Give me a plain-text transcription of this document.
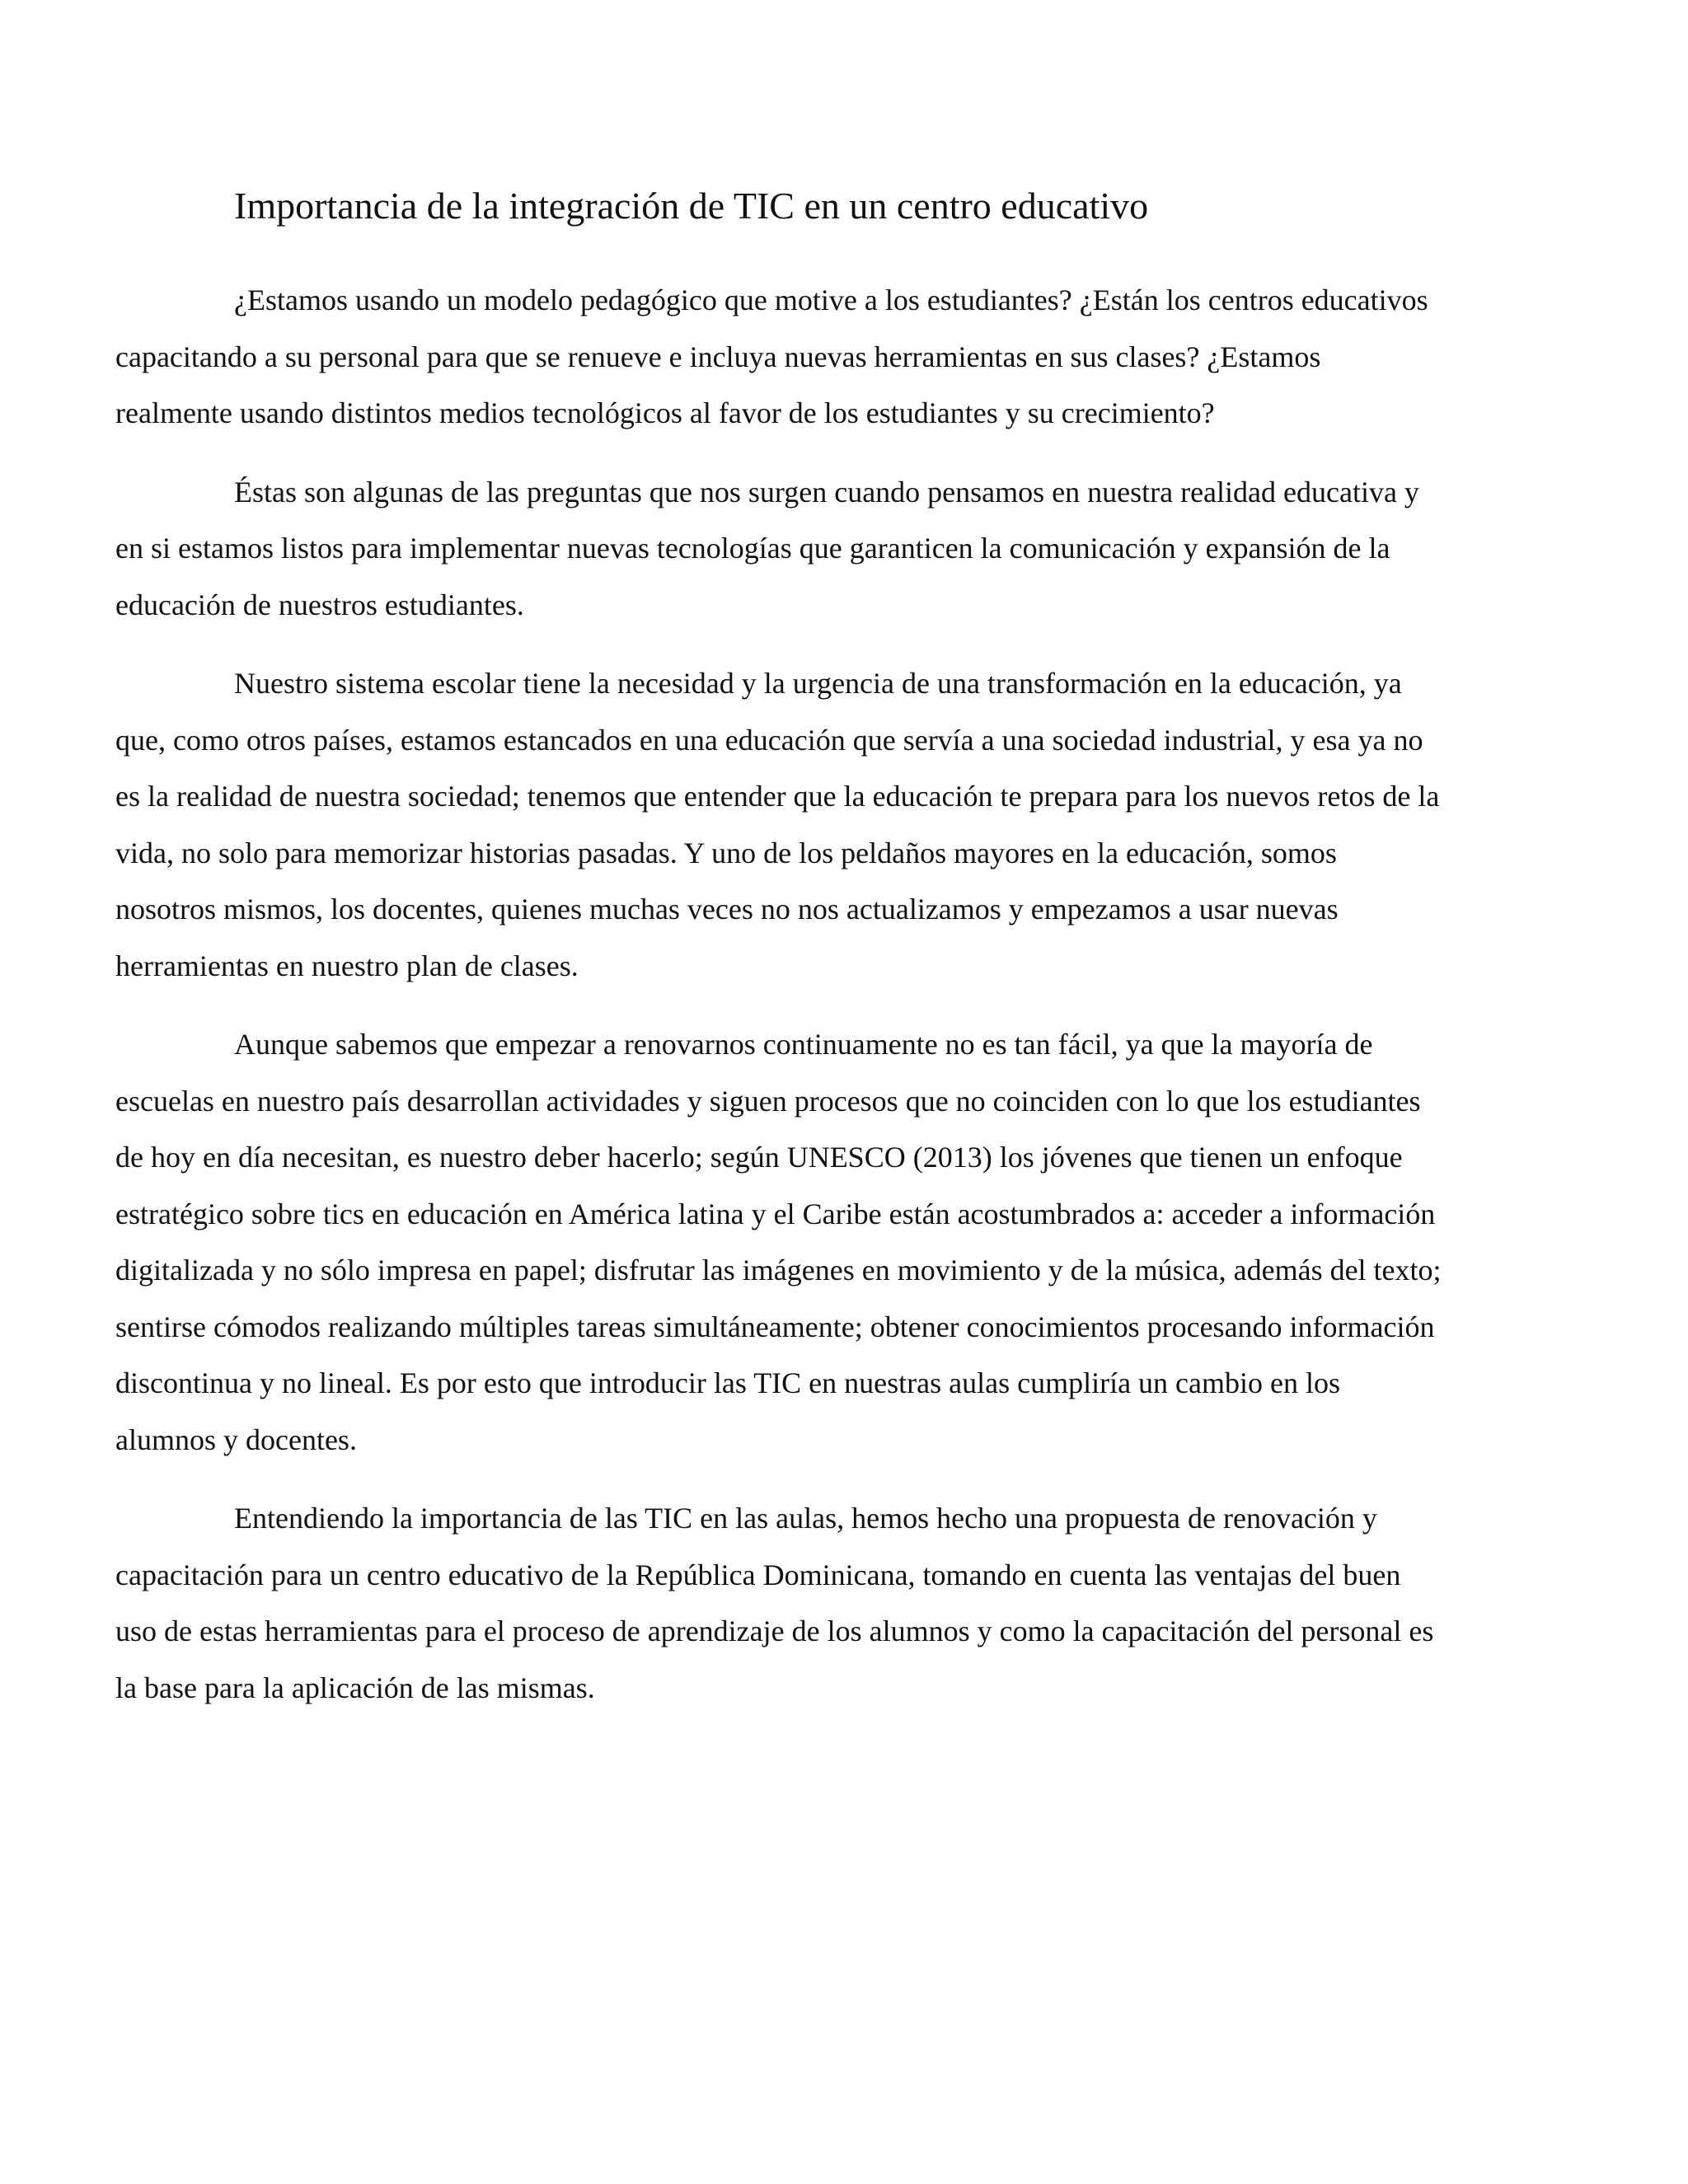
Importancia de la integración de TIC en un centro educativo

¿Estamos usando un modelo pedagógico que motive a los estudiantes? ¿Están los centros educativos capacitando a su personal para que se renueve e incluya nuevas herramientas en sus clases? ¿Estamos realmente usando distintos medios tecnológicos al favor de los estudiantes y su crecimiento?

Éstas son algunas de las preguntas que nos surgen cuando pensamos en nuestra realidad educativa y en si estamos listos para implementar nuevas tecnologías que garanticen la comunicación y expansión de la educación de nuestros estudiantes.

Nuestro sistema escolar tiene la necesidad y la urgencia de una transformación en la educación, ya que, como otros países, estamos estancados en una educación que servía a una sociedad industrial, y esa ya no es la realidad de nuestra sociedad; tenemos que entender que la educación te prepara para los nuevos retos de la vida, no solo para memorizar historias pasadas. Y uno de los peldaños mayores en la educación, somos nosotros mismos, los docentes, quienes muchas veces no nos actualizamos y empezamos a usar nuevas herramientas en nuestro plan de clases.

Aunque sabemos que empezar a renovarnos continuamente no es tan fácil, ya que la mayoría de escuelas en nuestro país desarrollan actividades y siguen procesos que no coinciden con lo que los estudiantes de hoy en día necesitan, es nuestro deber hacerlo; según UNESCO (2013) los jóvenes que tienen un enfoque estratégico sobre tics en educación en América latina y el Caribe están acostumbrados a: acceder a información digitalizada y no sólo impresa en papel; disfrutar las imágenes en movimiento y de la música, además del texto; sentirse cómodos realizando múltiples tareas simultáneamente; obtener conocimientos procesando información discontinua y no lineal. Es por esto que introducir las TIC en nuestras aulas cumpliría un cambio en los alumnos y docentes.

Entendiendo la importancia de las TIC en las aulas, hemos hecho una propuesta de renovación y capacitación para un centro educativo de la República Dominicana, tomando en cuenta las ventajas del buen uso de estas herramientas para el proceso de aprendizaje de los alumnos y como la capacitación del personal es la base para la aplicación de las mismas.
